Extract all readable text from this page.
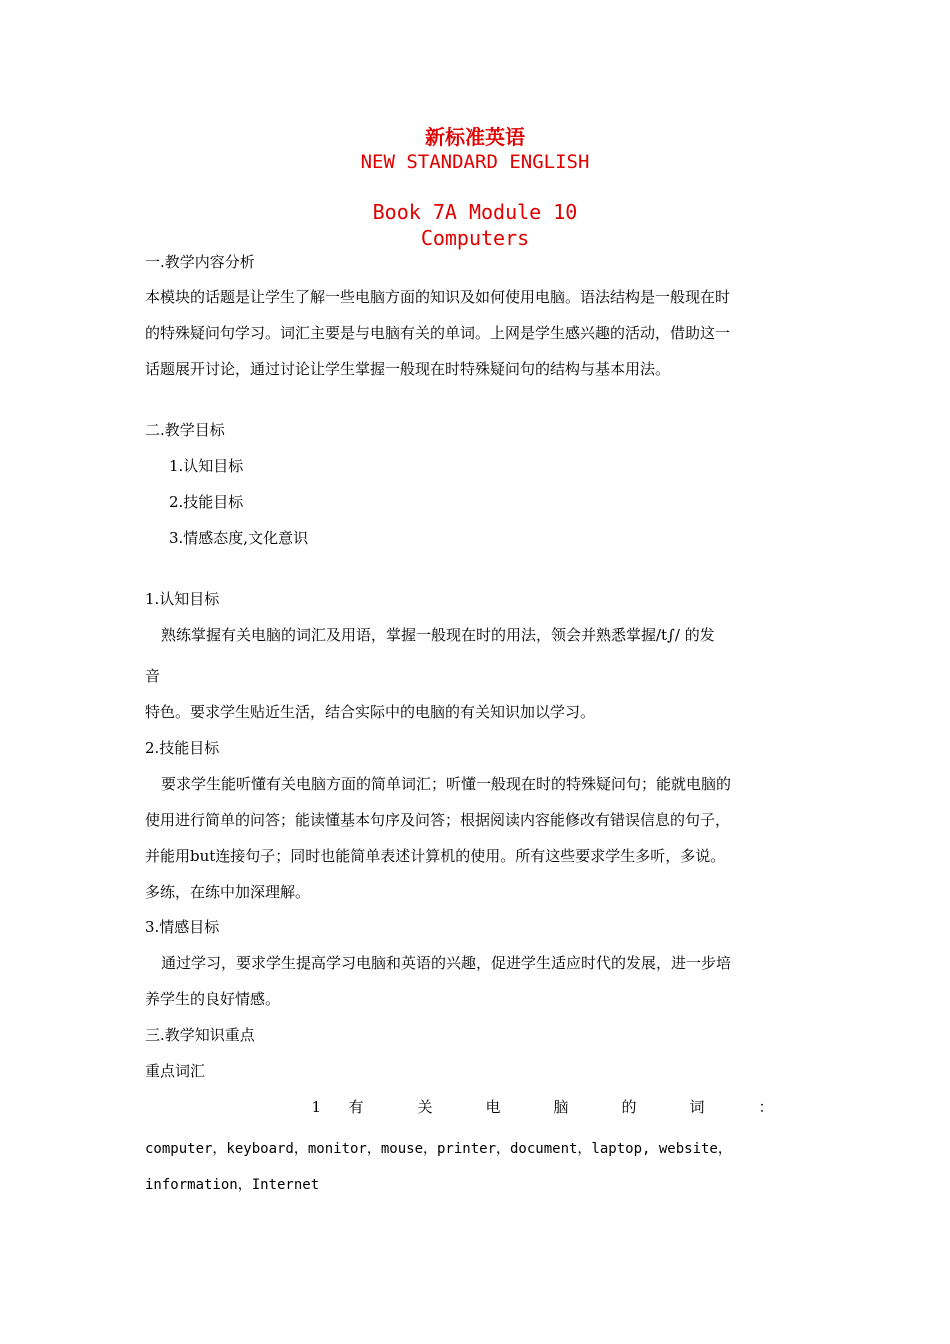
新标准英语
NEW STANDARD ENGLISH
Book 7A Module 10
Computers
一.教学内容分析
本模块的话题是让学生了解一些电脑方面的知识及如何使用电脑。语法结构是一般现在时
的特殊疑问句学习。词汇主要是与电脑有关的单词。上网是学生感兴趣的活动，借助这一
话题展开讨论，通过讨论让学生掌握一般现在时特殊疑问句的结构与基本用法。
二.教学目标
1.认知目标
2.技能目标
3.情感态度,文化意识
1.认知目标
熟练掌握有关电脑的词汇及用语，掌握一般现在时的用法，领会并熟悉掌握/t∫/ 的发
音
特色。要求学生贴近生活，结合实际中的电脑的有关知识加以学习。
2.技能目标
要求学生能听懂有关电脑方面的简单词汇；听懂一般现在时的特殊疑问句；能就电脑的
使用进行简单的问答；能读懂基本句序及问答；根据阅读内容能修改有错误信息的句子，
并能用but连接句子；同时也能简单表述计算机的使用。所有这些要求学生多听，多说。
多练，在练中加深理解。
3.情感目标
通过学习，要求学生提高学习电脑和英语的兴趣，促进学生适应时代的发展，进一步培
养学生的良好情感。
三.教学知识重点
重点词汇
1	有	关	电	脑	的	词	：
computer，keyboard，monitor，mouse，printer，document，laptop, website，
information，Internet
